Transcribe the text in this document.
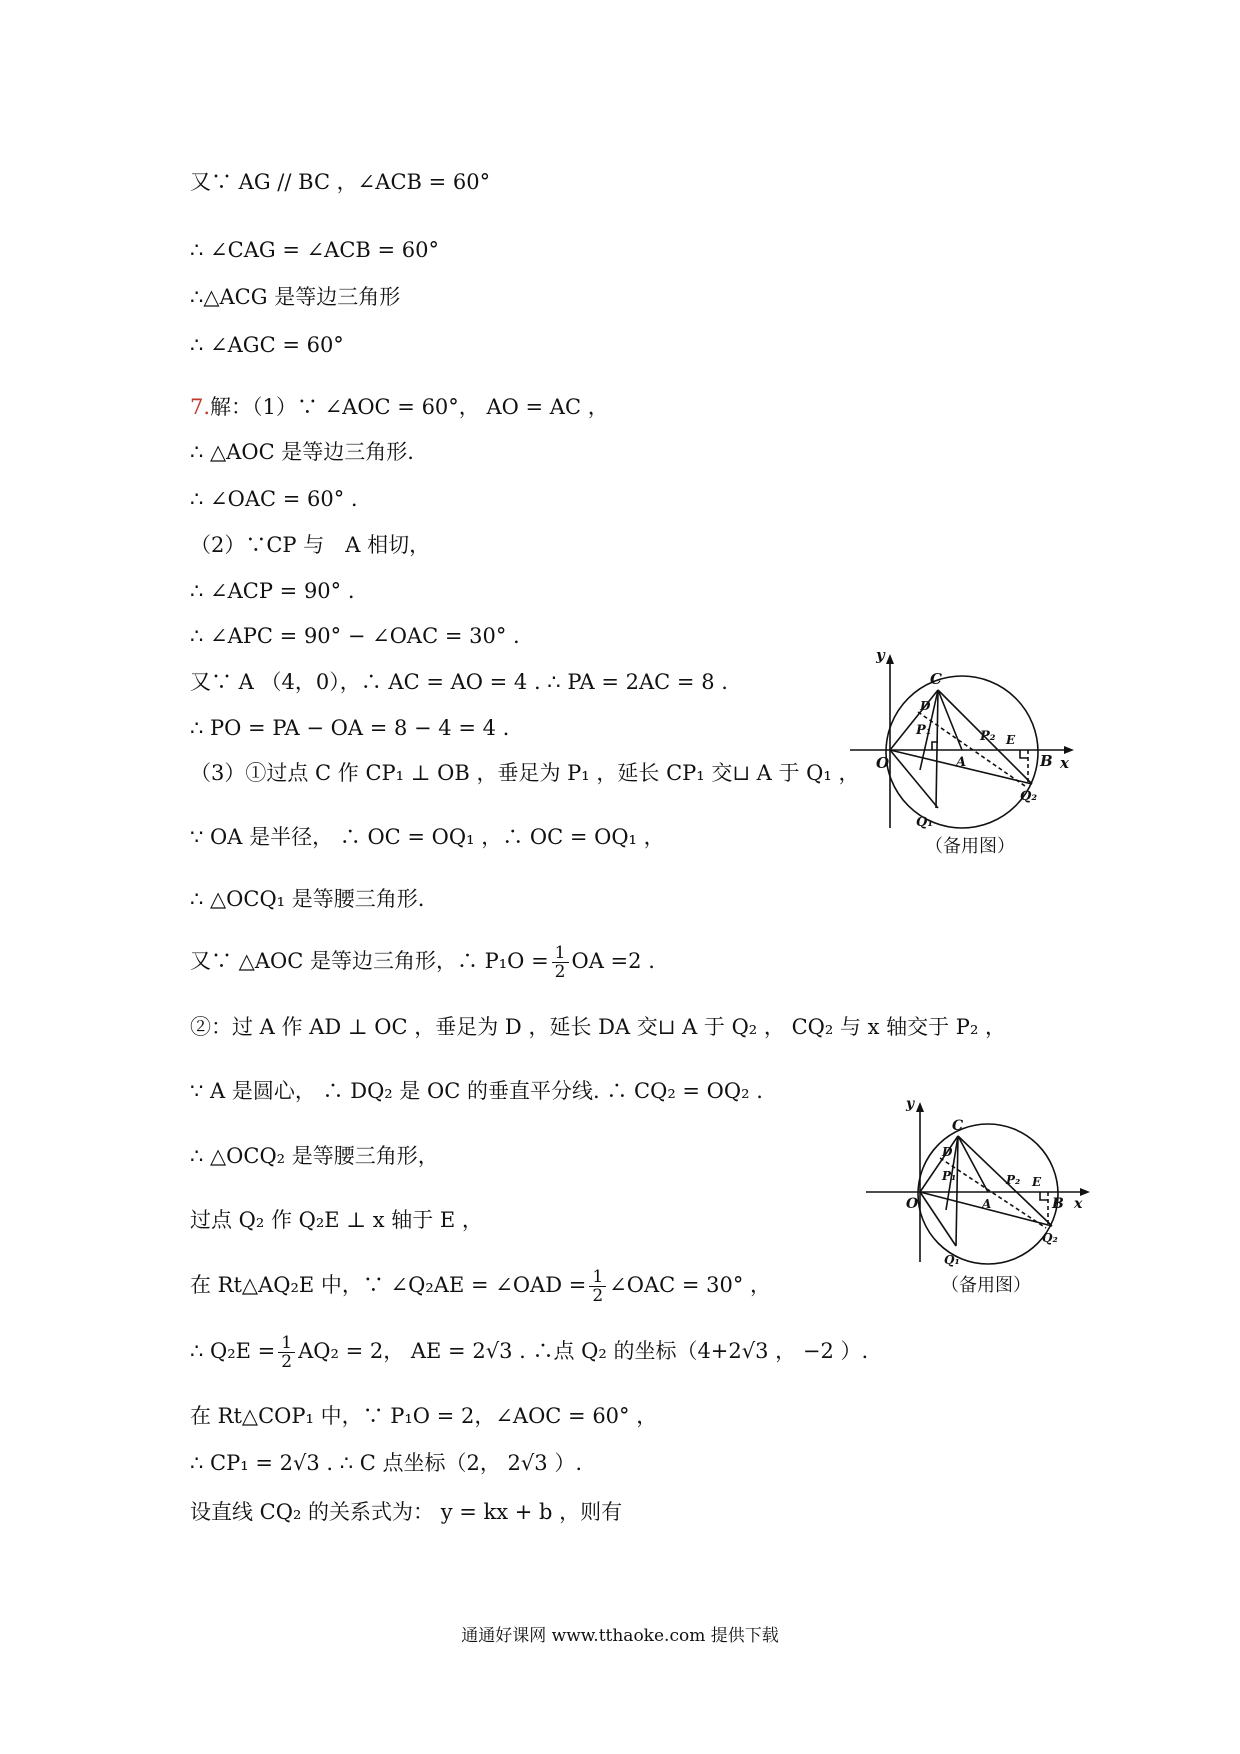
又∵ AG // BC ，∠ACB = 60°
∴ ∠CAG = ∠ACB = 60°
∴△ACG 是等边三角形
∴ ∠AGC = 60°
7.解：（1）∵ ∠AOC = 60°， AO = AC ，
∴ △AOC 是等边三角形.
∴ ∠OAC = 60° .
（2）∵CP 与　A 相切，
∴ ∠ACP = 90° .
∴ ∠APC = 90° − ∠OAC = 30° .
又∵ A （4，0），∴ AC = AO = 4 . ∴ PA = 2AC = 8 .
∴ PO = PA − OA = 8 − 4 = 4 .
（3）①过点 C 作 CP₁ ⊥ OB ，垂足为 P₁ ，延长 CP₁ 交⊔ A 于 Q₁ ，
∵ OA 是半径， ∴ OC = OQ₁ ，∴ OC = OQ₁ ，
∴ △OCQ₁ 是等腰三角形.
又∵ △AOC 是等边三角形，∴ $P_1O = \frac{1}{2}$ OA =2 .
②：过 A 作 AD ⊥ OC ，垂足为 D ，延长 DA 交⊔ A 于 Q₂ ， CQ₂ 与 x 轴交于 P₂ ，
∵ A 是圆心， ∴ DQ₂ 是 OC 的垂直平分线. ∴ CQ₂ = OQ₂ .
∴ △OCQ₂ 是等腰三角形，
过点 Q₂ 作 Q₂E ⊥ x 轴于 E ，
在 Rt△AQ₂E 中，∵ ∠Q₂AE = ∠OAD = $\frac{1}{2}$ ∠OAC = 30° ，
∴ $Q_2E = \frac{1}{2} AQ_2 = 2$， AE = 2√3 . ∴点 Q₂ 的坐标（4+2√3 ， −2 ）.
在 Rt△COP₁ 中，∵ P₁O = 2，∠AOC = 60° ，
∴ CP₁ = 2√3 . ∴ C 点坐标（2， 2√3 ）.
设直线 CQ₂ 的关系式为： y = kx + b ，则有
y
x
O
C
D
P₁	P₂
A
E
B
Q₁
Q₂
（备用图）
y
x
O
C
D
P₁	P₂
A
E
B
Q₁
Q₂
（备用图）
通通好课网 www.tthaoke.com 提供下载
